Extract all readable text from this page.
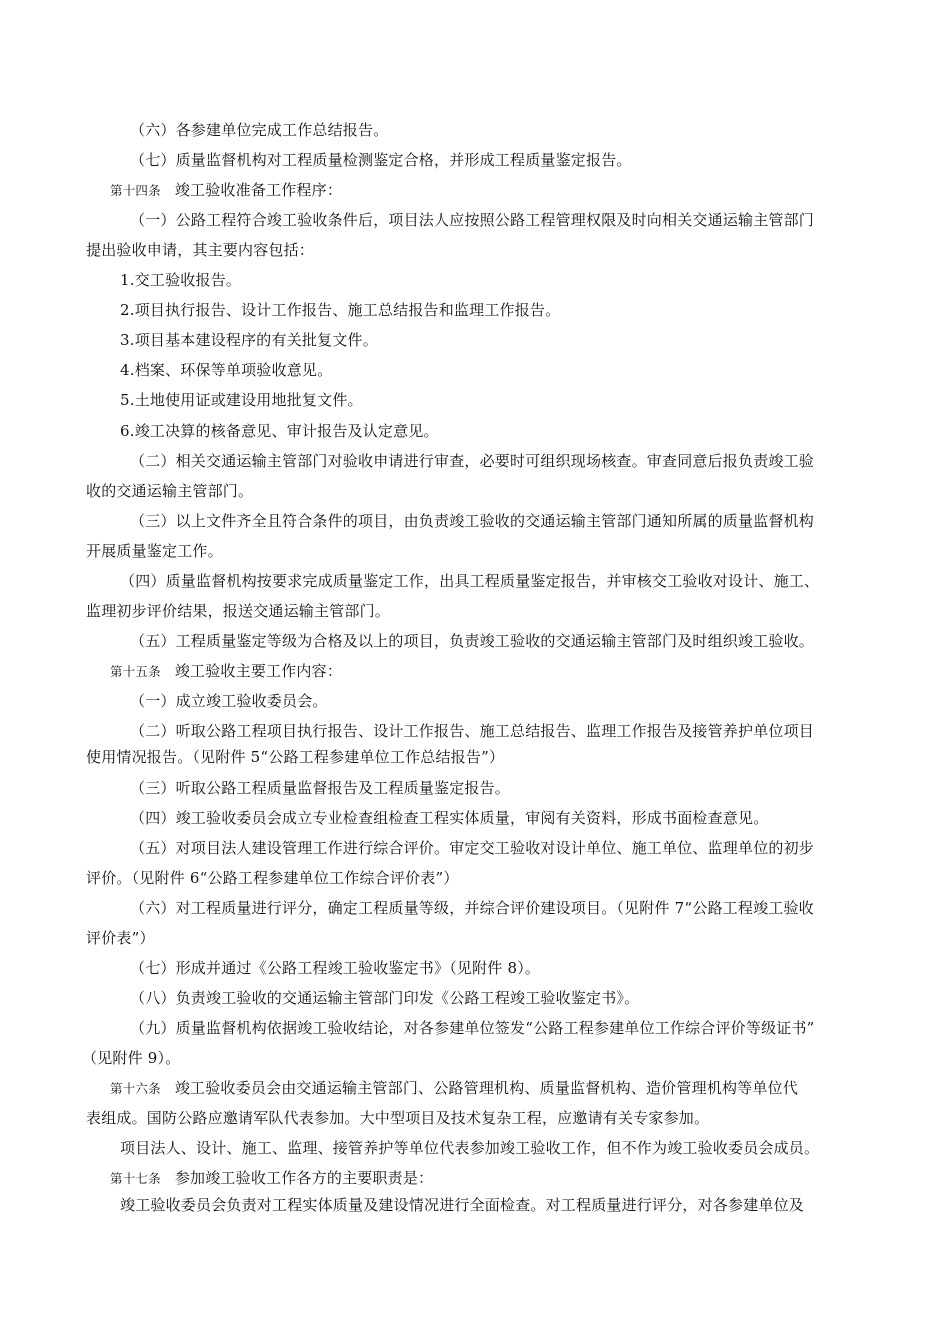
（六）各参建单位完成工作总结报告。
（七）质量监督机构对工程质量检测鉴定合格，并形成工程质量鉴定报告。
第十四条 竣工验收准备工作程序：
（一）公路工程符合竣工验收条件后，项目法人应按照公路工程管理权限及时向相关交通运输主管部门
提出验收申请，其主要内容包括：
1.交工验收报告。
2.项目执行报告、设计工作报告、施工总结报告和监理工作报告。
3.项目基本建设程序的有关批复文件。
4.档案、环保等单项验收意见。
5.土地使用证或建设用地批复文件。
6.竣工决算的核备意见、审计报告及认定意见。
（二）相关交通运输主管部门对验收申请进行审查，必要时可组织现场核查。审查同意后报负责竣工验
收的交通运输主管部门。
（三）以上文件齐全且符合条件的项目，由负责竣工验收的交通运输主管部门通知所属的质量监督机构
开展质量鉴定工作。
（四）质量监督机构按要求完成质量鉴定工作，出具工程质量鉴定报告，并审核交工验收对设计、施工、
监理初步评价结果，报送交通运输主管部门。
（五）工程质量鉴定等级为合格及以上的项目，负责竣工验收的交通运输主管部门及时组织竣工验收。
第十五条 竣工验收主要工作内容：
（一）成立竣工验收委员会。
（二）听取公路工程项目执行报告、设计工作报告、施工总结报告、监理工作报告及接管养护单位项目
使用情况报告。（见附件 5“公路工程参建单位工作总结报告”）
（三）听取公路工程质量监督报告及工程质量鉴定报告。
（四）竣工验收委员会成立专业检查组检查工程实体质量，审阅有关资料，形成书面检查意见。
（五）对项目法人建设管理工作进行综合评价。审定交工验收对设计单位、施工单位、监理单位的初步
评价。（见附件 6“公路工程参建单位工作综合评价表”）
（六）对工程质量进行评分，确定工程质量等级，并综合评价建设项目。（见附件 7“公路工程竣工验收
评价表”）
（七）形成并通过《公路工程竣工验收鉴定书》（见附件 8）。
（八）负责竣工验收的交通运输主管部门印发《公路工程竣工验收鉴定书》。
（九）质量监督机构依据竣工验收结论，对各参建单位签发“公路工程参建单位工作综合评价等级证书”
（见附件 9）。
第十六条 竣工验收委员会由交通运输主管部门、公路管理机构、质量监督机构、造价管理机构等单位代
表组成。国防公路应邀请军队代表参加。大中型项目及技术复杂工程，应邀请有关专家参加。
项目法人、设计、施工、监理、接管养护等单位代表参加竣工验收工作，但不作为竣工验收委员会成员。
第十七条 参加竣工验收工作各方的主要职责是：
竣工验收委员会负责对工程实体质量及建设情况进行全面检查。对工程质量进行评分，对各参建单位及
